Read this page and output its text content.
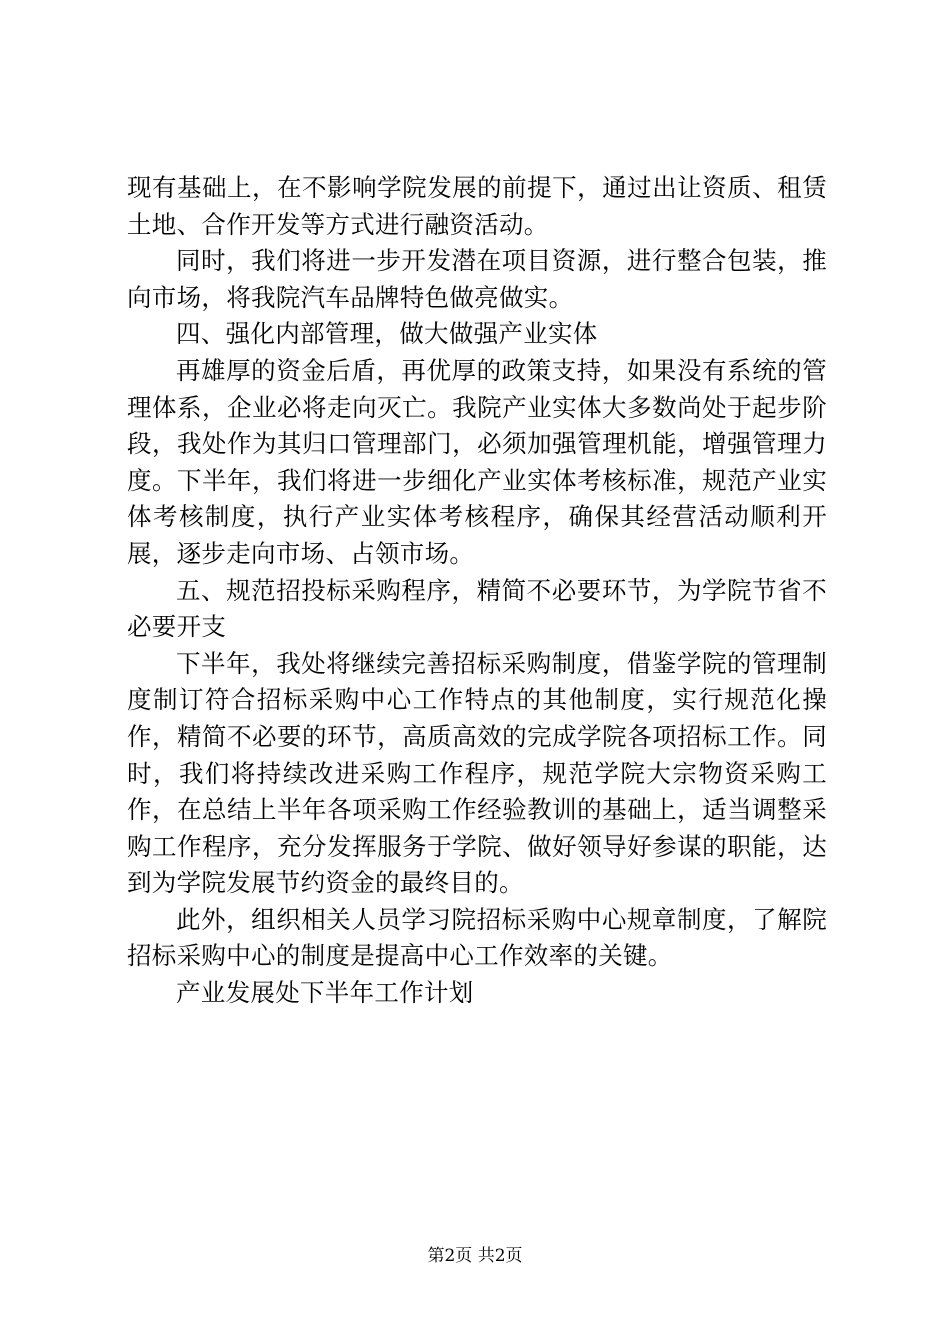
现有基础上，在不影响学院发展的前提下，通过出让资质、租赁土地、合作开发等方式进行融资活动。

同时，我们将进一步开发潜在项目资源，进行整合包装，推向市场，将我院汽车品牌特色做亮做实。

四、强化内部管理，做大做强产业实体

再雄厚的资金后盾，再优厚的政策支持，如果没有系统的管理体系，企业必将走向灭亡。我院产业实体大多数尚处于起步阶段，我处作为其归口管理部门，必须加强管理机能，增强管理力度。下半年，我们将进一步细化产业实体考核标准，规范产业实体考核制度，执行产业实体考核程序，确保其经营活动顺利开展，逐步走向市场、占领市场。

五、规范招投标采购程序，精简不必要环节，为学院节省不必要开支

下半年，我处将继续完善招标采购制度，借鉴学院的管理制度制订符合招标采购中心工作特点的其他制度，实行规范化操作，精简不必要的环节，高质高效的完成学院各项招标工作。同时，我们将持续改进采购工作程序，规范学院大宗物资采购工作，在总结上半年各项采购工作经验教训的基础上，适当调整采购工作程序，充分发挥服务于学院、做好领导好参谋的职能，达到为学院发展节约资金的最终目的。

此外，组织相关人员学习院招标采购中心规章制度，了解院招标采购中心的制度是提高中心工作效率的关键。

产业发展处下半年工作计划

第2页 共2页
